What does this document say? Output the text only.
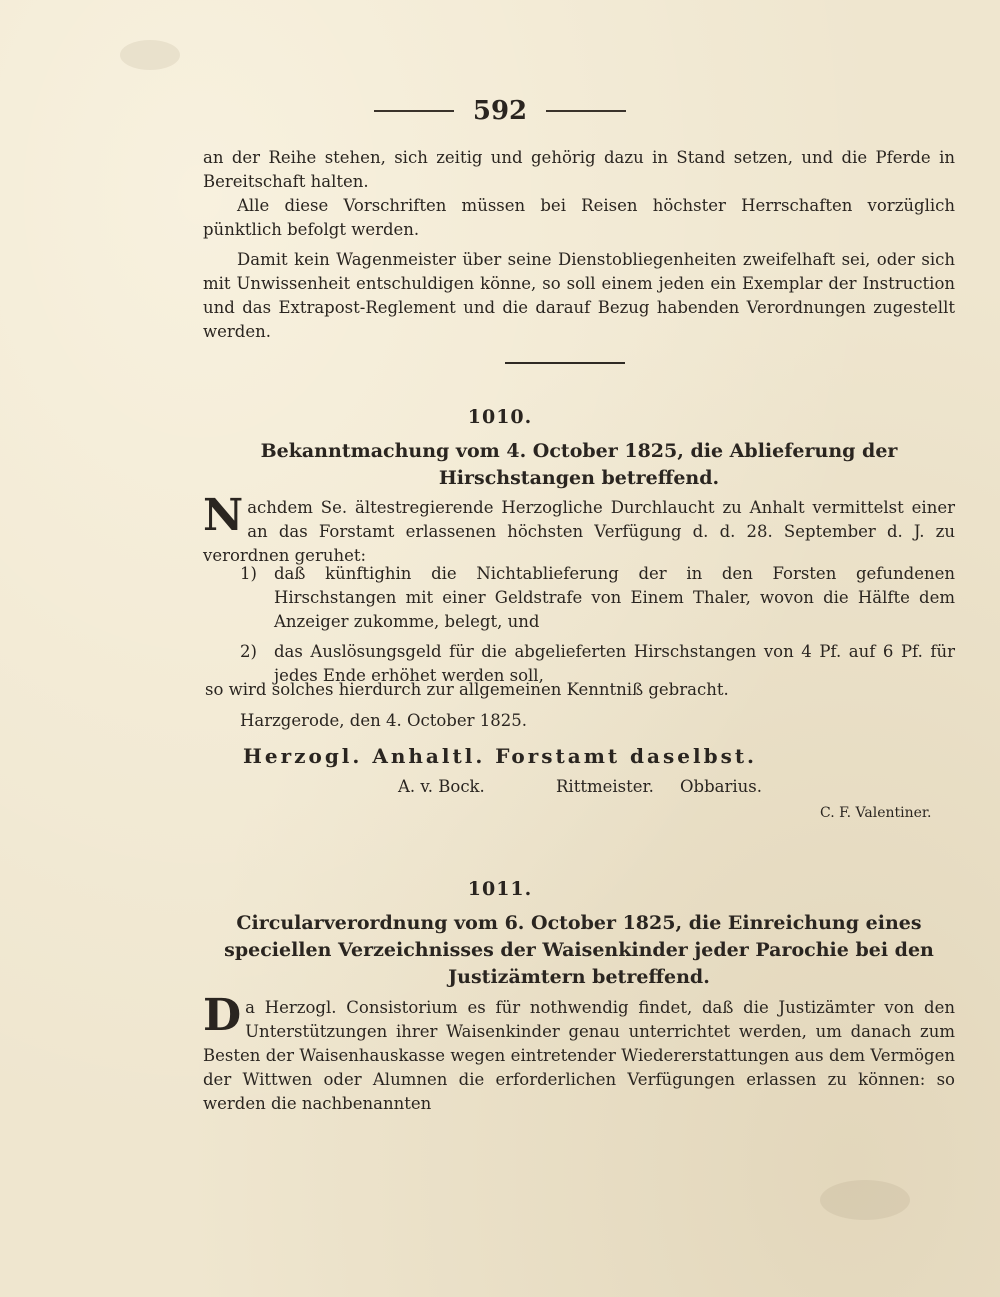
592

an der Reihe stehen, sich zeitig und gehörig dazu in Stand setzen, und die Pferde in Bereitschaft halten.

Alle diese Vorschriften müssen bei Reisen höchster Herrschaften vorzüglich pünktlich befolgt werden.

Damit kein Wagenmeister über seine Dienstobliegenheiten zweifelhaft sei, oder sich mit Unwissenheit entschuldigen könne, so soll einem jeden ein Exemplar der Instruction und das Extrapost-Reglement und die darauf Bezug habenden Verordnungen zugestellt werden.

1010.
Bekanntmachung vom 4. October 1825, die Ablieferung der Hirschstangen betreffend.

N achdem Se. ältestregierende Herzogliche Durchlaucht zu Anhalt vermittelst einer an das Forstamt erlassenen höchsten Verfügung d. d. 28. September d. J. zu verordnen geruhet:

1)	daß künftighin die Nichtablieferung der in den Forsten gefundenen Hirschstangen mit einer Geldstrafe von Einem Thaler, wovon die Hälfte dem Anzeiger zukomme, belegt, und
2)	das Auslösungsgeld für die abgelieferten Hirschstangen von 4 Pf. auf 6 Pf. für jedes Ende erhöhet werden soll,
so wird solches hierdurch zur allgemeinen Kenntniß gebracht.
Harzgerode, den 4. October 1825.
Herzogl. Anhaltl. Forstamt daselbst.
A. v. Bock.	Rittmeister. Obbarius.
C. F. Valentiner.
1011.
Circularverordnung vom 6. October 1825, die Einreichung eines speciellen Verzeichnisses der Waisenkinder jeder Parochie bei den Justizämtern betreffend.

D a Herzogl. Consistorium es für nothwendig findet, daß die Justizämter von den Unterstützungen ihrer Waisenkinder genau unterrichtet werden, um danach zum Besten der Waisenhauskasse wegen eintretender Wiedererstattungen aus dem Vermögen der Wittwen oder Alumnen die erforderlichen Verfügungen erlassen zu können: so werden die nachbenannten
